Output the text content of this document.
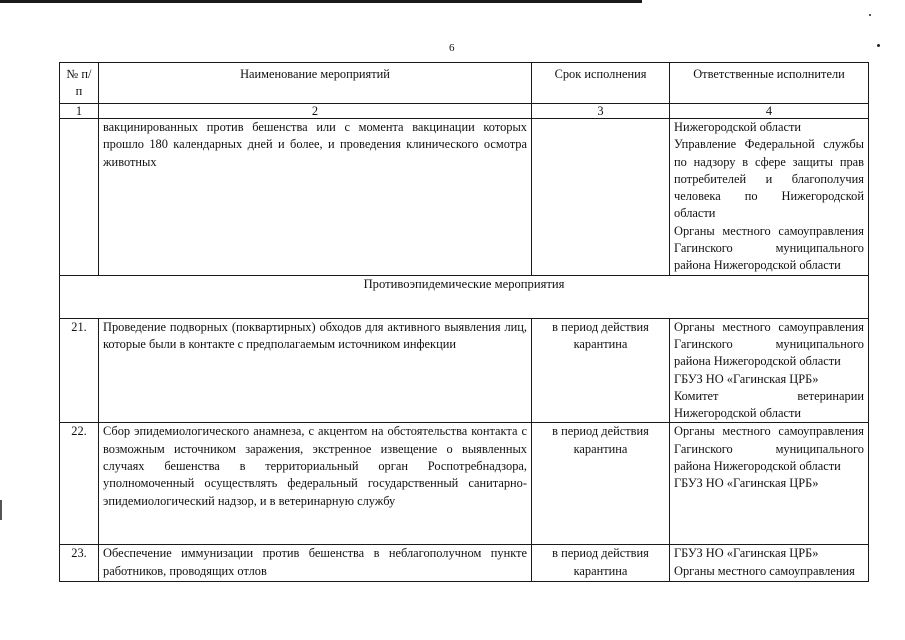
6
№ п/п	Наименование мероприятий	Срок исполнения	Ответственные исполнители
1	2	3	4
	вакцинированных против бешенства или с момента вакцинации которых прошло 180 календарных дней и более, и проведения клинического осмотра животных		Нижегородской области
Управление Федеральной службы по надзору в сфере защиты прав потребителей и благополучия человека по Нижегородской области
Органы местного самоуправления Гагинского муниципального района Нижегородской области

Противоэпидемические мероприятия			
21.	Проведение подворных (поквартирных) обходов для активного выявления лиц, которые были в контакте с предполагаемым источником инфекции	в период действия карантина	Органы местного самоуправления Гагинского муниципального района Нижегородской области
ГБУЗ НО «Гагинская ЦРБ»
Комитет ветеринарии Нижегородской области

22.	Сбор эпидемиологического анамнеза, с акцентом на обстоятельства контакта с возможным источником заражения, экстренное извещение о выявленных случаях бешенства в территориальный орган Роспотребнадзора, уполномоченный осуществлять федеральный государственный санитарно-эпидемиологический надзор, и в ветеринарную службу	в период действия карантина	Органы местного самоуправления Гагинского муниципального района Нижегородской области
ГБУЗ НО «Гагинская ЦРБ»

23.	Обеспечение иммунизации против бешенства в неблагополучном пункте работников, проводящих отлов	в период действия карантина	ГБУЗ НО «Гагинская ЦРБ»
Органы местного самоуправления
